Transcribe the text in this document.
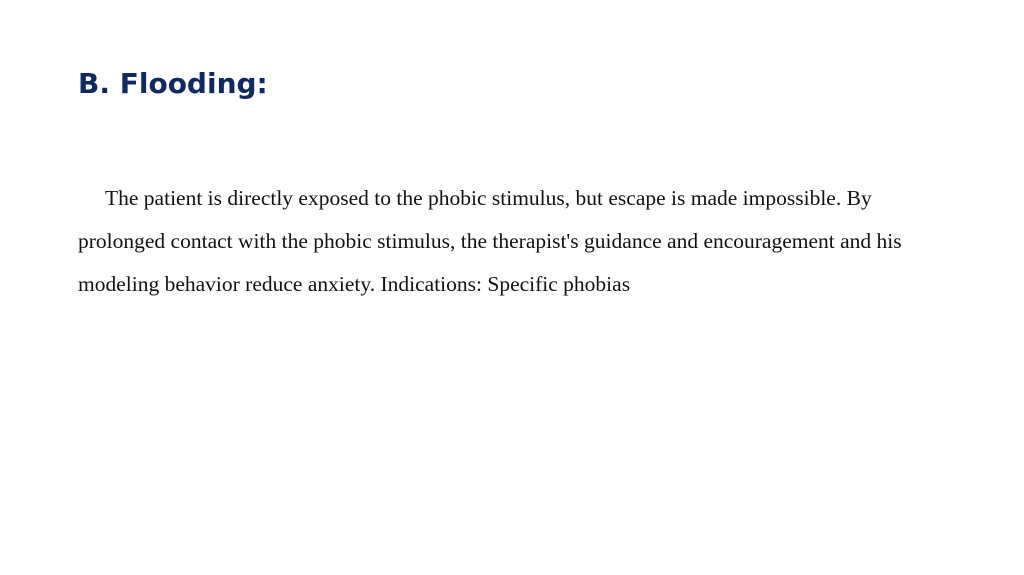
B. Flooding:

The patient is directly exposed to the phobic stimulus, but escape is made impossible. By prolonged contact with the phobic stimulus, the therapist's guidance and encouragement and his modeling behavior reduce anxiety. Indications: Specific phobias
